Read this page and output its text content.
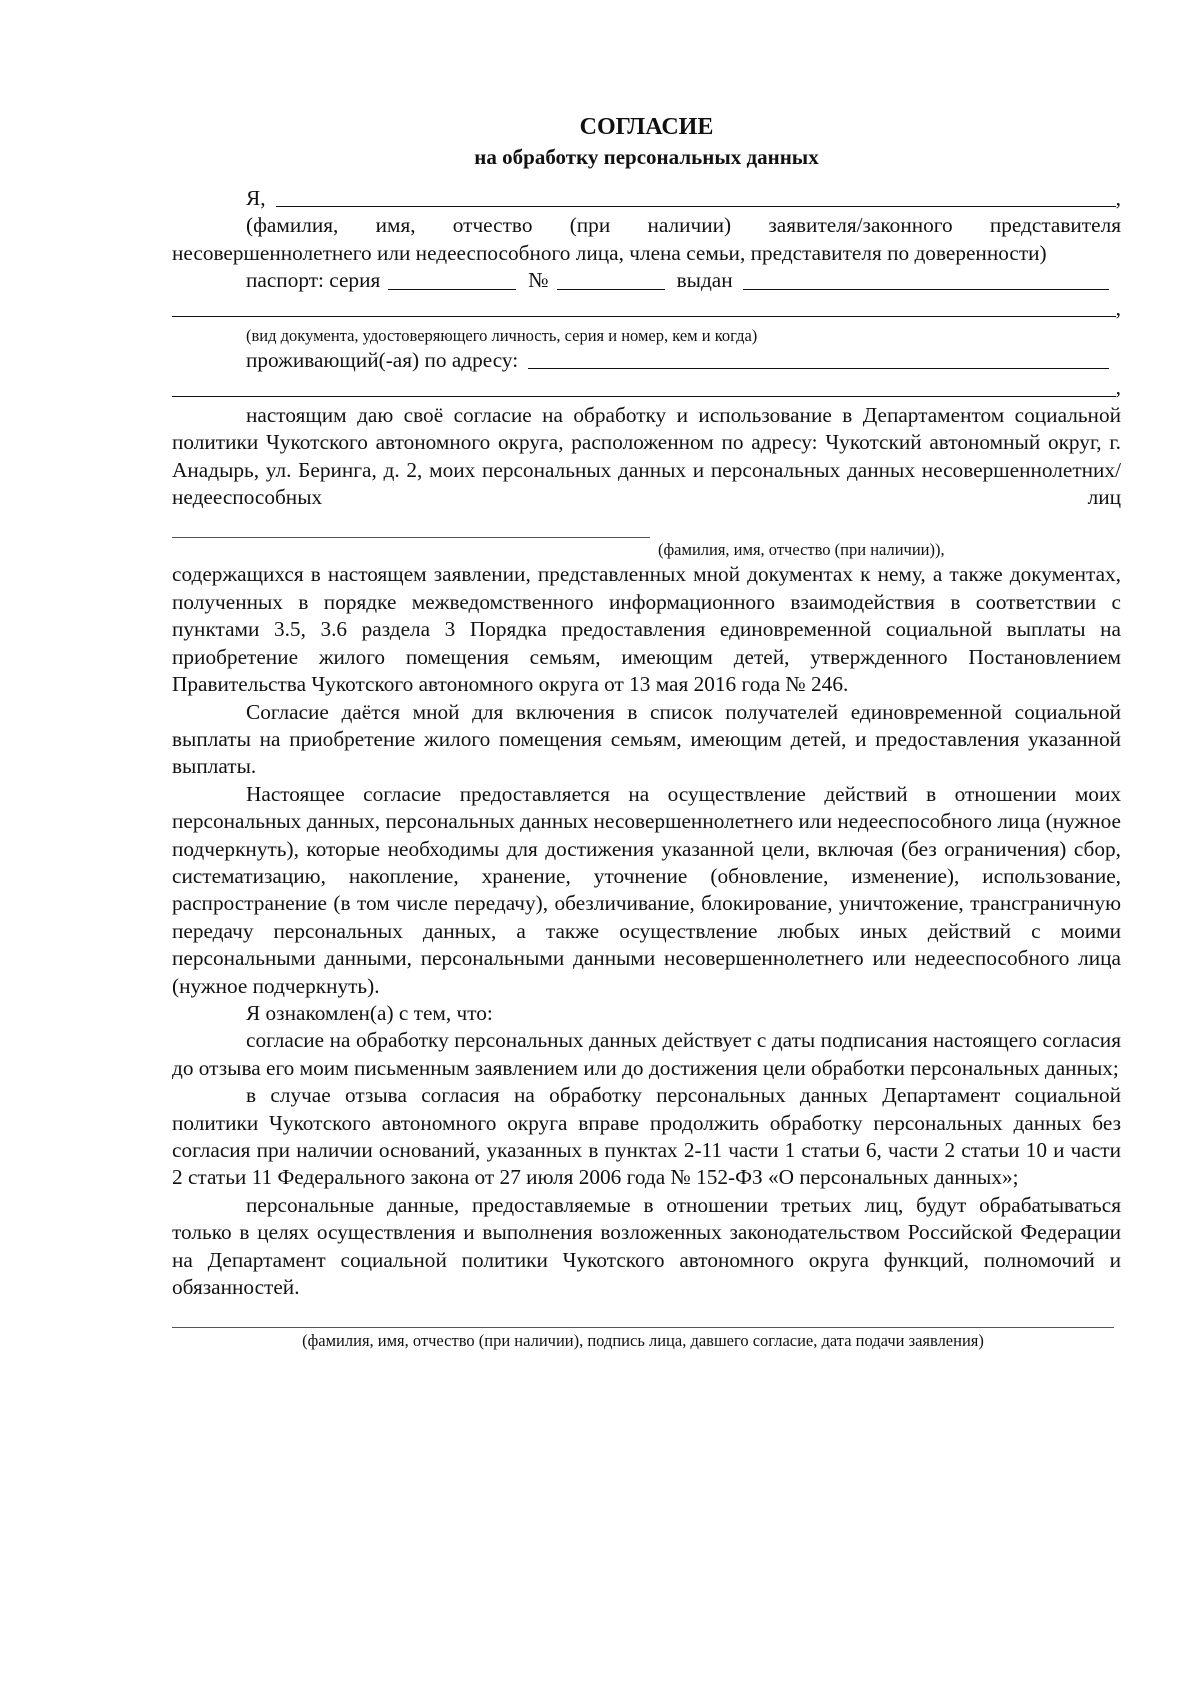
СОГЛАСИЕ
на обработку персональных данных
Я,	,

(фамилия, имя, отчество (при наличии) заявителя/законного представителя несовершеннолетнего или недееспособного лица, члена семьи, представителя по доверенности)

паспорт: серия	№	выдан
,
(вид документа, удостоверяющего личность, серия и номер, кем и когда)
проживающий(-ая) по адресу:
,

настоящим даю своё согласие на обработку и использование в Департаментом социальной политики Чукотского автономного округа, расположенном по адресу: Чукотский автономный округ, г. Анадырь, ул. Беринга, д. 2, моих персональных данных и персональных данных несовершеннолетних/недееспособных лиц

(фамилия, имя, отчество (при наличии)),

содержащихся в настоящем заявлении, представленных мной документах к нему, а также документах, полученных в порядке межведомственного информационного взаимодействия в соответствии с пунктами 3.5, 3.6 раздела 3 Порядка предоставления единовременной социальной выплаты на приобретение жилого помещения семьям, имеющим детей, утвержденного Постановлением Правительства Чукотского автономного округа от 13 мая 2016 года № 246.

Согласие даётся мной для включения в список получателей единовременной социальной выплаты на приобретение жилого помещения семьям, имеющим детей, и предоставления указанной выплаты.

Настоящее согласие предоставляется на осуществление действий в отношении моих персональных данных, персональных данных несовершеннолетнего или недееспособного лица (нужное подчеркнуть), которые необходимы для достижения указанной цели, включая (без ограничения) сбор, систематизацию, накопление, хранение, уточнение (обновление, изменение), использование, распространение (в том числе передачу), обезличивание, блокирование, уничтожение, трансграничную передачу персональных данных, а также осуществление любых иных действий с моими персональными данными, персональными данными несовершеннолетнего или недееспособного лица (нужное подчеркнуть).

Я ознакомлен(а) с тем, что:

согласие на обработку персональных данных действует с даты подписания настоящего согласия до отзыва его моим письменным заявлением или до достижения цели обработки персональных данных;

в случае отзыва согласия на обработку персональных данных Департамент социальной политики Чукотского автономного округа вправе продолжить обработку персональных данных без согласия при наличии оснований, указанных в пунктах 2-11 части 1 статьи 6, части 2 статьи 10 и части 2 статьи 11 Федерального закона от 27 июля 2006 года № 152-ФЗ «О персональных данных»;

персональные данные, предоставляемые в отношении третьих лиц, будут обрабатываться только в целях осуществления и выполнения возложенных законодательством Российской Федерации на Департамент социальной политики Чукотского автономного округа функций, полномочий и обязанностей.

(фамилия, имя, отчество (при наличии), подпись лица, давшего согласие, дата подачи заявления)
